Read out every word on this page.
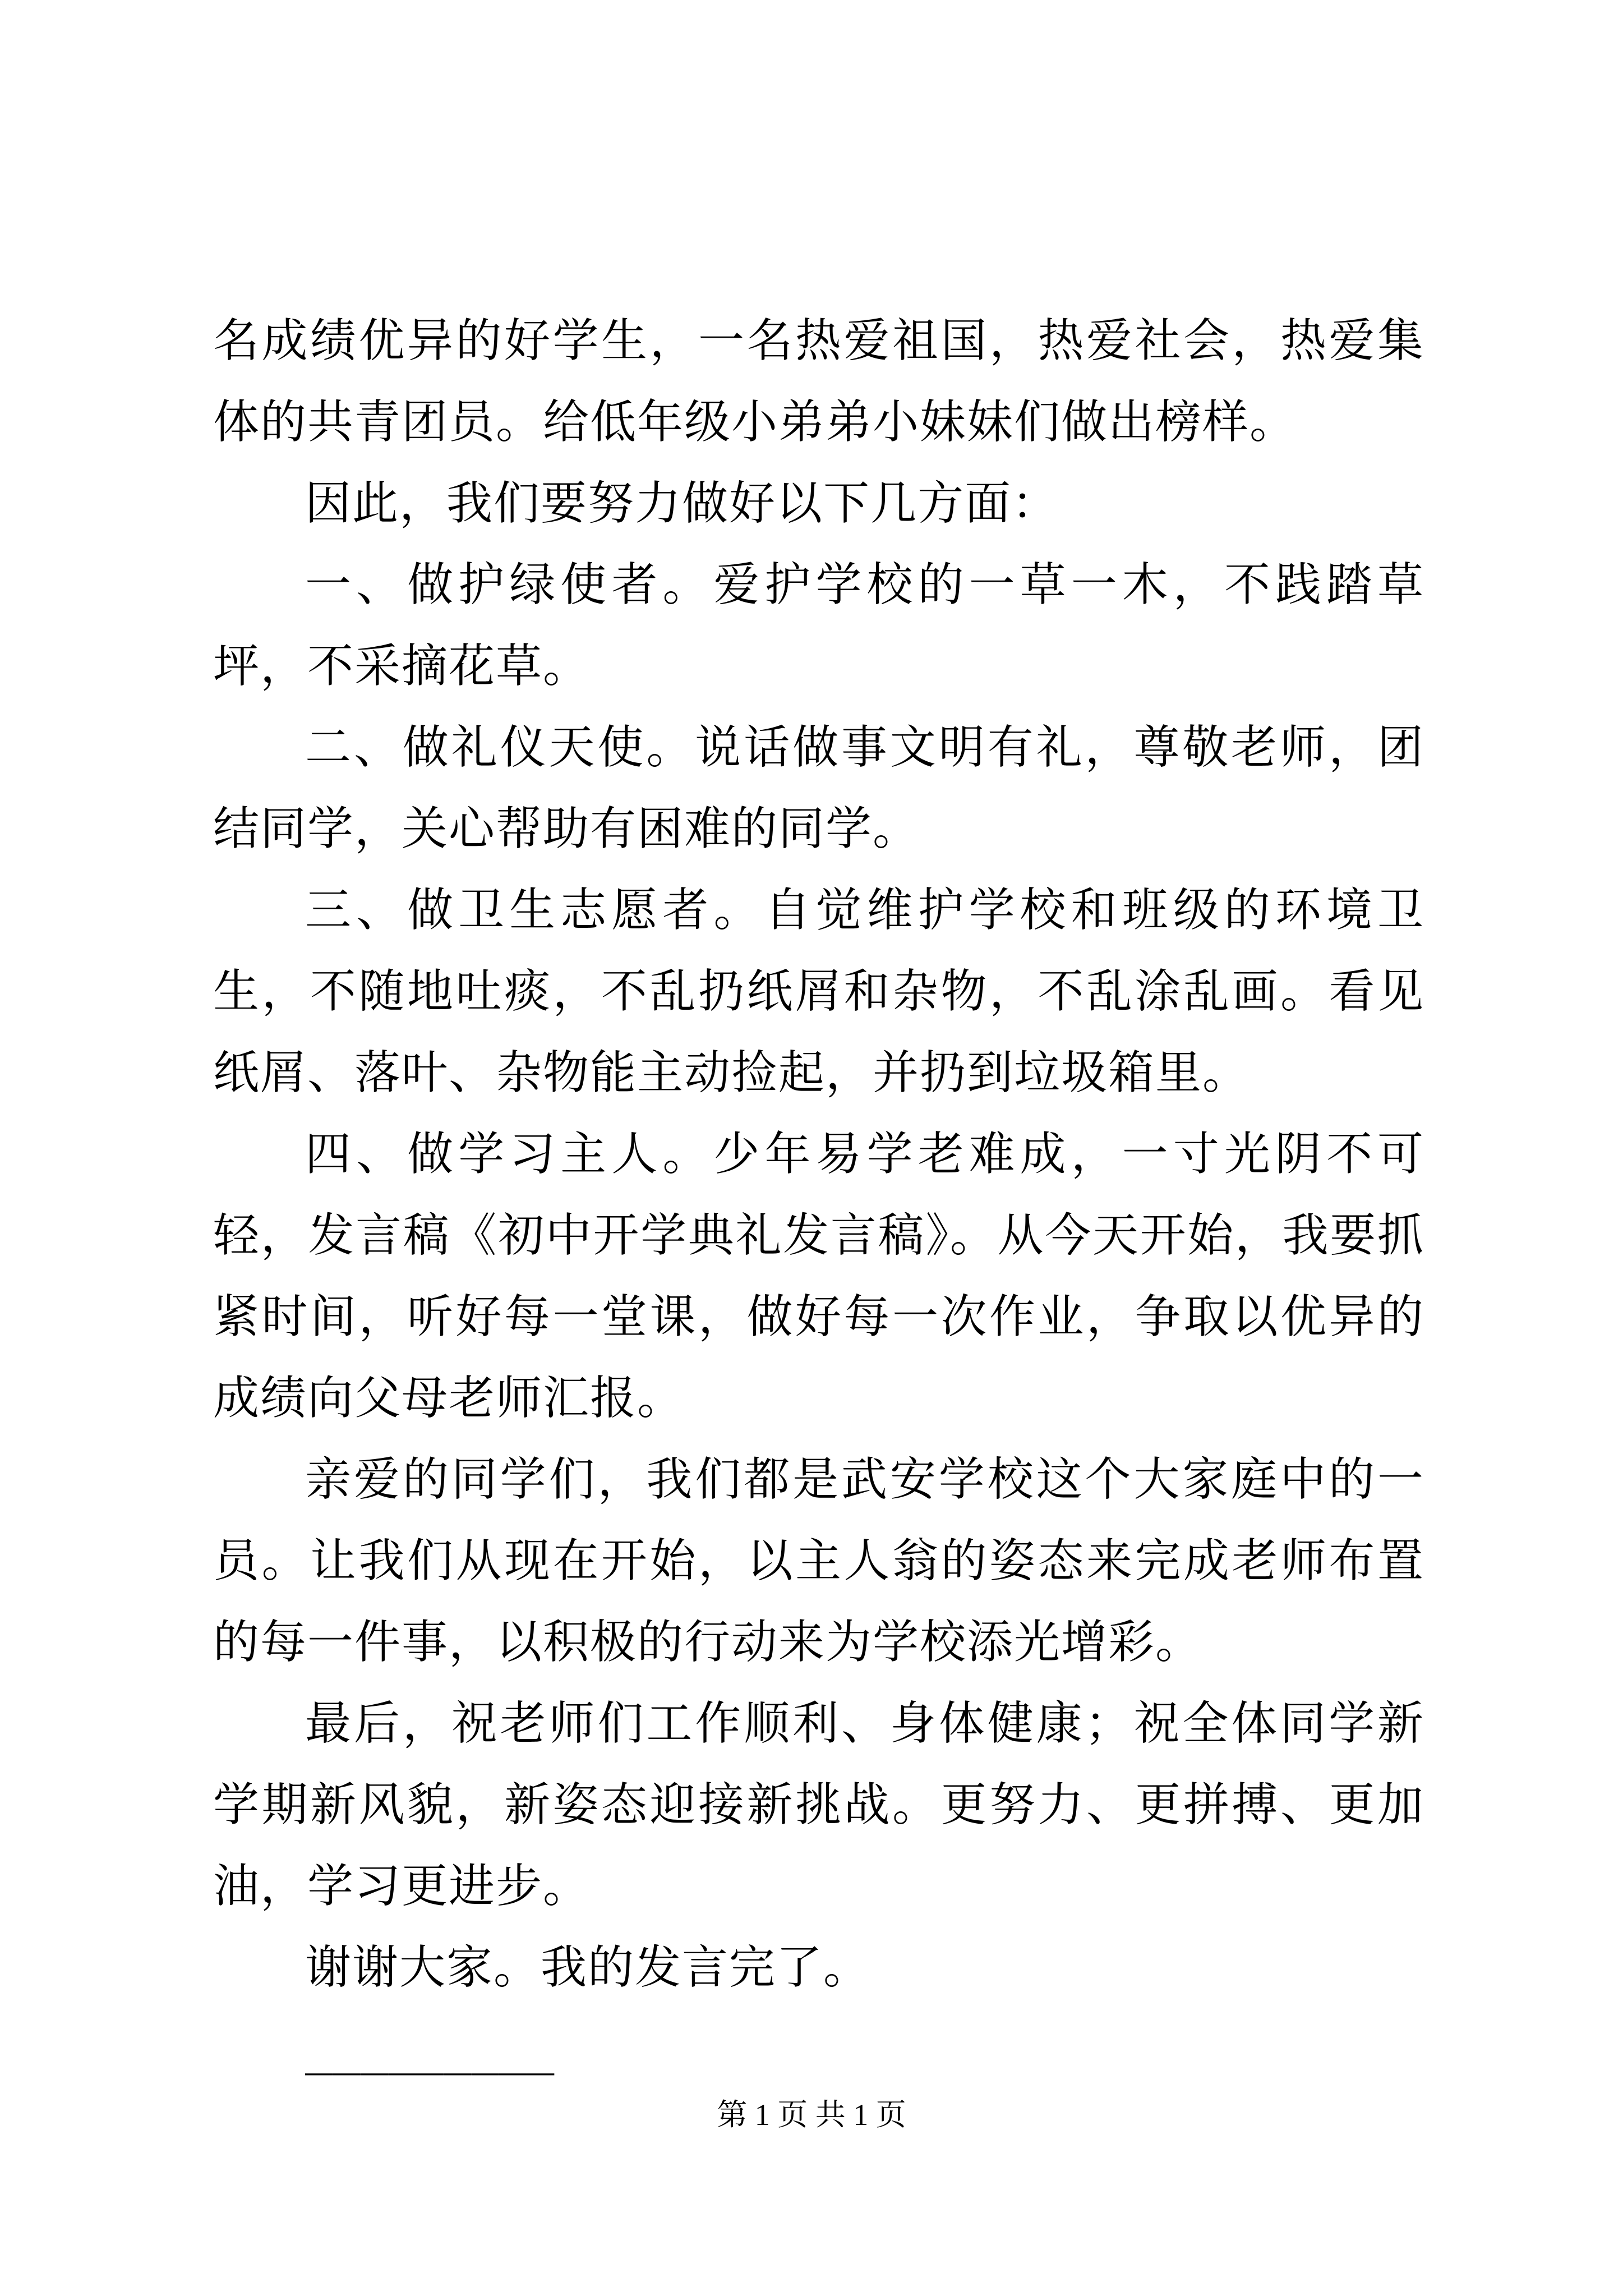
名成绩优异的好学生，一名热爱祖国，热爱社会，热爱集体的共青团员。给低年级小弟弟小妹妹们做出榜样。

因此，我们要努力做好以下几方面：

一、做护绿使者。爱护学校的一草一木，不践踏草坪，不采摘花草。

二、做礼仪天使。说话做事文明有礼，尊敬老师，团结同学，关心帮助有困难的同学。

三、做卫生志愿者。自觉维护学校和班级的环境卫生，不随地吐痰，不乱扔纸屑和杂物，不乱涂乱画。看见纸屑、落叶、杂物能主动捡起，并扔到垃圾箱里。

四、做学习主人。少年易学老难成，一寸光阴不可轻，发言稿《初中开学典礼发言稿》。从今天开始，我要抓紧时间，听好每一堂课，做好每一次作业，争取以优异的成绩向父母老师汇报。

亲爱的同学们，我们都是武安学校这个大家庭中的一员。让我们从现在开始，以主人翁的姿态来完成老师布置的每一件事，以积极的行动来为学校添光增彩。

最后，祝老师们工作顺利、身体健康；祝全体同学新学期新风貌，新姿态迎接新挑战。更努力、更拼搏、更加油，学习更进步。

谢谢大家。我的发言完了。

_________

第 1 页 共 1 页
